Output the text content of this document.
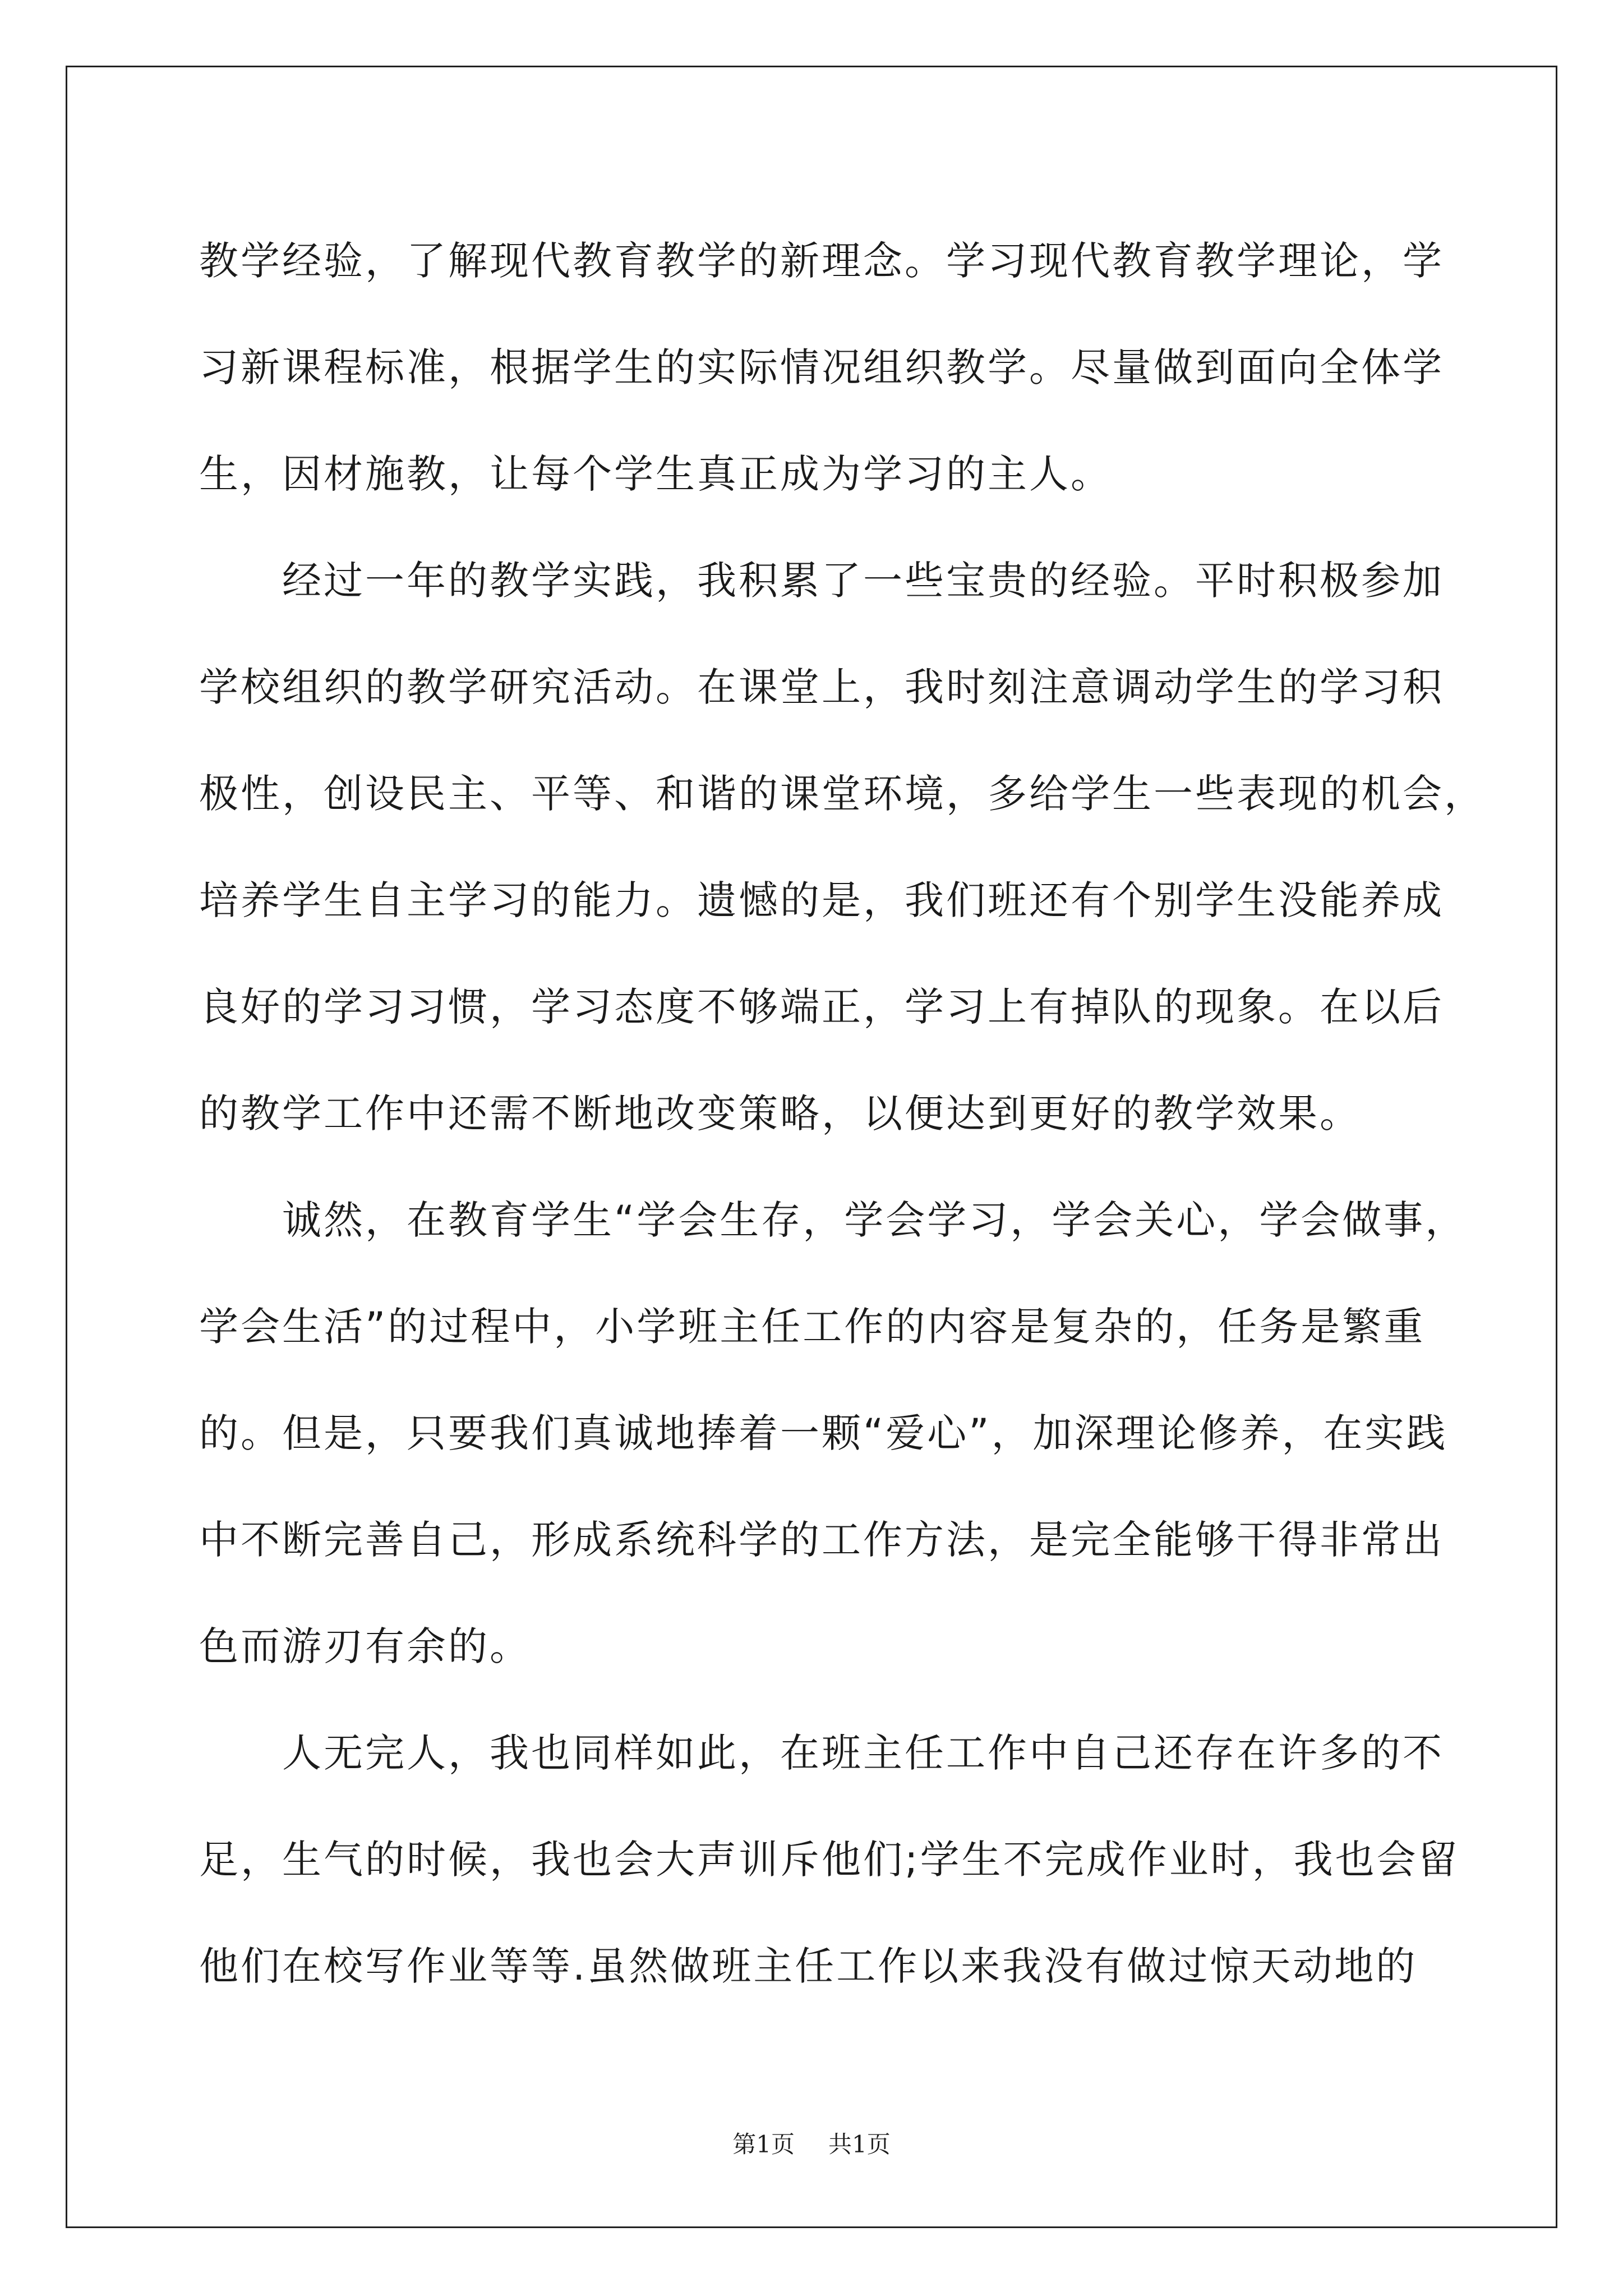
教学经验，了解现代教育教学的新理念。学习现代教育教学理论，学
习新课程标准，根据学生的实际情况组织教学。尽量做到面向全体学
生，因材施教，让每个学生真正成为学习的主人。
　　经过一年的教学实践，我积累了一些宝贵的经验。平时积极参加
学校组织的教学研究活动。在课堂上，我时刻注意调动学生的学习积
极性，创设民主、平等、和谐的课堂环境，多给学生一些表现的机会，
培养学生自主学习的能力。遗憾的是，我们班还有个别学生没能养成
良好的学习习惯，学习态度不够端正，学习上有掉队的现象。在以后
的教学工作中还需不断地改变策略，以便达到更好的教学效果。
　　诚然，在教育学生“学会生存，学会学习，学会关心，学会做事，
学会生活”的过程中，小学班主任工作的内容是复杂的，任务是繁重
的。但是，只要我们真诚地捧着一颗“爱心”，加深理论修养，在实践
中不断完善自己，形成系统科学的工作方法，是完全能够干得非常出
色而游刃有余的。
　　人无完人，我也同样如此，在班主任工作中自己还存在许多的不
足，生气的时候，我也会大声训斥他们;学生不完成作业时，我也会留
他们在校写作业等等.虽然做班主任工作以来我没有做过惊天动地的
第1页 共1页
